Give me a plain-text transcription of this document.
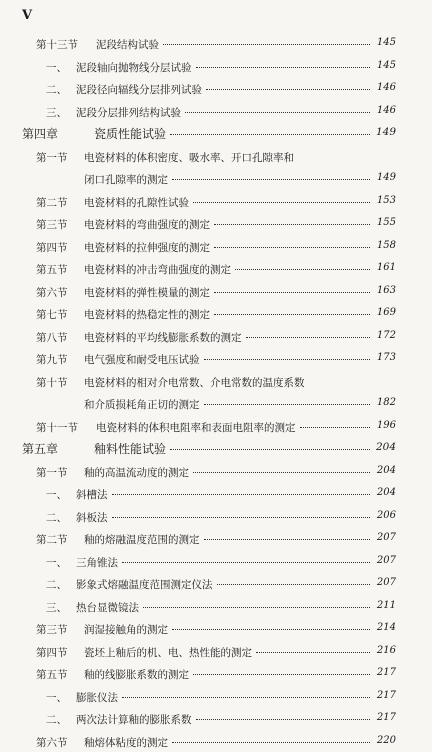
Ⅴ
第十三节 泥段结构试验	145
一、 泥段轴向抛物线分层试验	145
二、 泥段径向辐线分层排列试验	146
三、 泥段分层排列结构试验	146
第四章	瓷质性能试验	149
第一节 电瓷材料的体积密度、吸水率、开口孔隙率和
闭口孔隙率的测定	149
第二节 电瓷材料的孔隙性试验	153
第三节 电瓷材料的弯曲强度的测定	155
第四节 电瓷材料的拉伸强度的测定	158
第五节 电瓷材料的冲击弯曲强度的测定	161
第六节 电瓷材料的弹性模量的测定	163
第七节 电瓷材料的热稳定性的测定	169
第八节 电瓷材料的平均线膨胀系数的测定	172
第九节 电气强度和耐受电压试验	173
第十节 电瓷材料的相对介电常数、介电常数的温度系数
和介质损耗角正切的测定	182
第十一节 电瓷材料的体积电阻率和表面电阻率的测定	196
第五章	釉料性能试验	204
第一节 釉的高温流动度的测定	204
一、 斜槽法	204
二、 斜板法	206
第二节 釉的熔融温度范围的测定	207
一、 三角锥法	207
二、 影象式熔融温度范围测定仪法	207
三、 热台显微镜法	211
第三节 润湿接触角的测定	214
第四节 瓷坯上釉后的机、电、热性能的测定	216
第五节 釉的线膨胀系数的测定	217
一、 膨胀仪法	217
二、 两次法计算釉的膨胀系数	217
第六节 釉熔体粘度的测定	220
